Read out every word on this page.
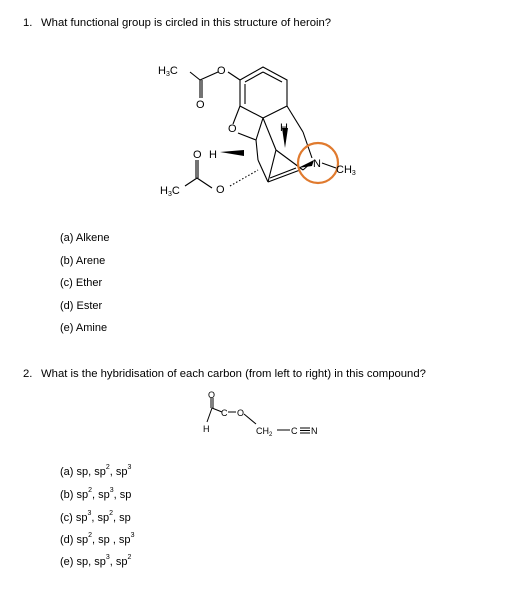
1. What functional group is circled in this structure of heroin?
H3C	O
O
O	H
O H
H3C	O
N CH3
O
C O
H	$CH_2$ C N
(a) Alkene
(b) Arene
(c) Ether
(d) Ester
(e) Amine
2. What is the hybridisation of each carbon (from left to right) in this compound?
(a) sp, $sp^2$, $sp^3$
(b) $sp^2$, $sp^3$, sp
(c) $sp^3$, $sp^2$, sp
(d) $sp^2$, sp , $sp^3$
(e) sp, $sp^3$, $sp^2$
